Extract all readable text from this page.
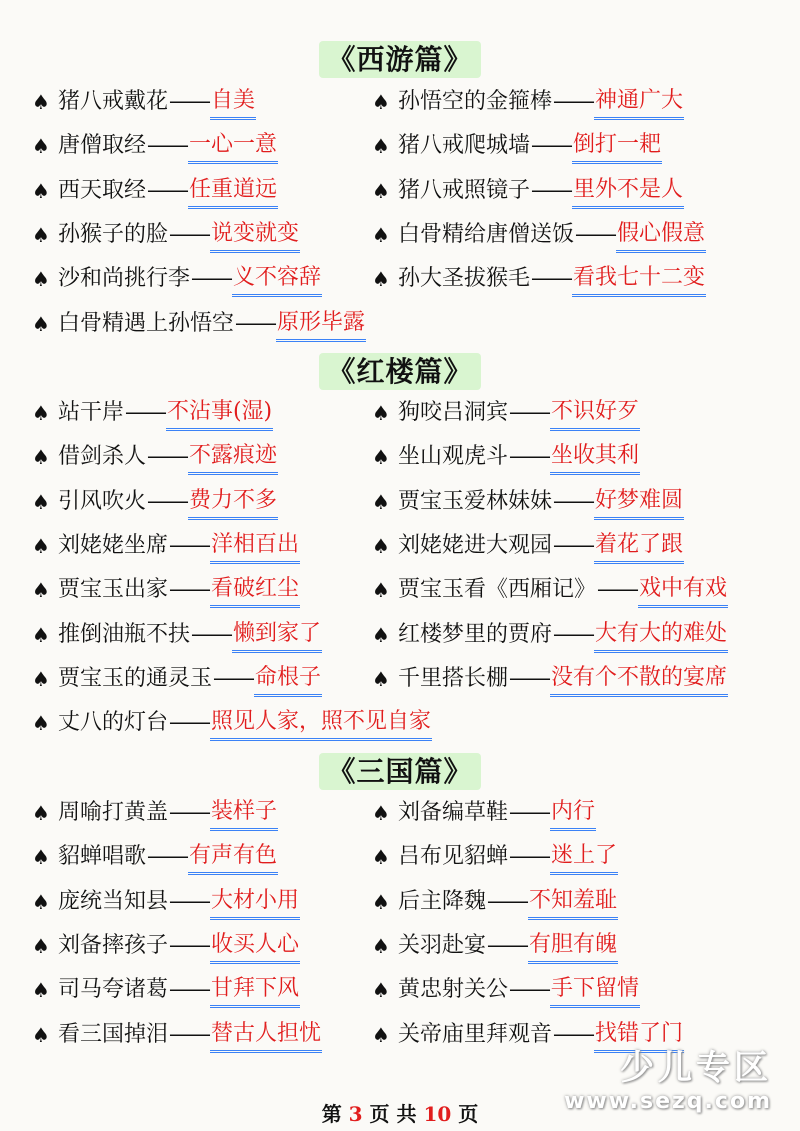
《西游篇》
♠ 猪八戒戴花 —— 自美	♠ 孙悟空的金箍棒 —— 神通广大
♠ 唐僧取经 —— 一心一意	♠ 猪八戒爬城墙 —— 倒打一耙
♠ 西天取经 —— 任重道远	♠ 猪八戒照镜子 —— 里外不是人
♠ 孙猴子的脸 —— 说变就变	♠ 白骨精给唐僧送饭 —— 假心假意
♠ 沙和尚挑行李 —— 义不容辞	♠ 孙大圣拔猴毛 —— 看我七十二变
♠ 白骨精遇上孙悟空 —— 原形毕露
《红楼篇》
♠ 站干岸 —— 不沾事(湿)	♠ 狗咬吕洞宾 —— 不识好歹
♠ 借剑杀人 —— 不露痕迹	♠ 坐山观虎斗 —— 坐收其利
♠ 引风吹火 —— 费力不多	♠ 贾宝玉爱林妹妹 —— 好梦难圆
♠ 刘姥姥坐席 —— 洋相百出	♠ 刘姥姥进大观园 —— 着花了跟
♠ 贾宝玉出家 —— 看破红尘	♠ 贾宝玉看《西厢记》 —— 戏中有戏
♠ 推倒油瓶不扶 —— 懒到家了	♠ 红楼梦里的贾府 —— 大有大的难处
♠ 贾宝玉的通灵玉 —— 命根子	♠ 千里搭长棚 —— 没有个不散的宴席
♠ 丈八的灯台 —— 照见人家，照不见自家
《三国篇》
♠ 周喻打黄盖 —— 装样子	♠ 刘备编草鞋 —— 内行
♠ 貂蝉唱歌 —— 有声有色	♠ 吕布见貂蝉 —— 迷上了
♠ 庞统当知县 —— 大材小用	♠ 后主降魏 —— 不知羞耻
♠ 刘备摔孩子 —— 收买人心	♠ 关羽赴宴 —— 有胆有魄
♠ 司马夸诸葛 —— 甘拜下风	♠ 黄忠射关公 —— 手下留情
♠ 看三国掉泪 —— 替古人担忧	♠ 关帝庙里拜观音 —— 找错了门
第 3 页 共 10 页
少儿专区
www.sezq.com
